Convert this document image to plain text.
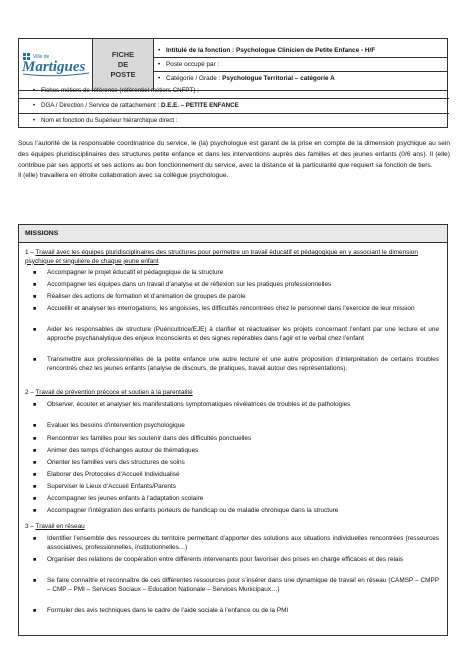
Ville de
Martigues

FICHE
DE
POSTE

• Intitulé de la fonction : Psychologue Clinicien de Petite Enfance - H/F
• Poste occupé par :
• Catégorie / Grade : Psychologue Territorial – catégorie A
• Fiches métiers de référence (référentiel métiers CNFPT) :
• DGA / Direction / Service de rattachement : D.E.E. – PETITE ENFANCE
• Nom et fonction du Supérieur hiérarchique direct :

Sous l’autorité de la responsable coordinatrice du service, le (la) psychologue est garant de la prise en compte de la dimension psychique au sein des équipes pluridisciplinaires des structures petite enfance et dans les interventions auprès des familles et des jeunes enfants (0/6 ans). Il (elle) contribue par ses apports et ses actions au bon fonctionnement du service, avec la distance et la particularité que requiert sa fonction de tiers.

Il (elle) travaillera en étroite collaboration avec sa collègue psychologue.

MISSIONS
1 – Travail avec les équipes pluridisciplinaires des structures pour permettre un travail éducatif et pédagogique en y associant le dimension psychique et singulière de chaque jeune enfant
■ Accompagner le projet éducatif et pédagogique de la structure
■ Accompagner les équipes dans un travail d’analyse et de réflexion sur les pratiques professionnelles
■ Réaliser des actions de formation et d’animation de groupes de parole
■ Accueillir et analyser les interrogations, les angoisses, les difficultés rencontrées chez le personnel dans l’exercice de leur mission
■ Aider les responsables de structure (Puéricultrice/EJE) à clarifier et réactualiser les projets concernant l’enfant par une lecture et une approche psychanalytique des enjeux inconscients et des signes repérables dans l’agir et le verbal chez l’enfant
■ Transmettre aux professionnelles de la petite enfance une autre lecture et une autre proposition d’interprétation de certains troubles rencontrés chez les jeunes enfants (analyse de discours, de pratiques, travail autour des représentations).
2 – Travail de prévention précoce et soutien à la parentalité
■ Observer, écouter et analyser les manifestations symptomatiques révélatrices de troubles et de pathologies
■ Evaluer les besoins d’intervention psychologique
■ Rencontrer les familles pour les soutenir dans des difficultés ponctuelles
■ Animer des temps d’échanges autour de thématiques
■ Orienter les familles vers des structures de soins
■ Elaborer des Protocoles d’Accueil Individualisé
■ Superviser le Lieux d’Accueil Enfants/Parents
■ Accompagner les jeunes enfants à l’adaptation scolaire
■ Accompagner l’intégration des enfants porteurs de handicap ou de maladie chronique dans la structure
3 – Travail en réseau
■ Identifier l’ensemble des ressources du territoire permettant d’apporter des solutions aux situations individuelles rencontrées (ressources associatives, professionnelles, institutionnelles…)
■ Organiser des relations de coopération entre différents intervenants pour favoriser des prises en charge efficaces et des relais
■ Se faire connaître et reconnaître de ces différentes ressources pour s’insérer dans une dynamique de travail en réseau (CAMSP – CMPP – CMP – PMI – Services Sociaux – Education Nationale – Services Municipaux…)
■ Formuler des avis techniques dans le cadre de l’aide sociale à l’enfance ou de la PMI
